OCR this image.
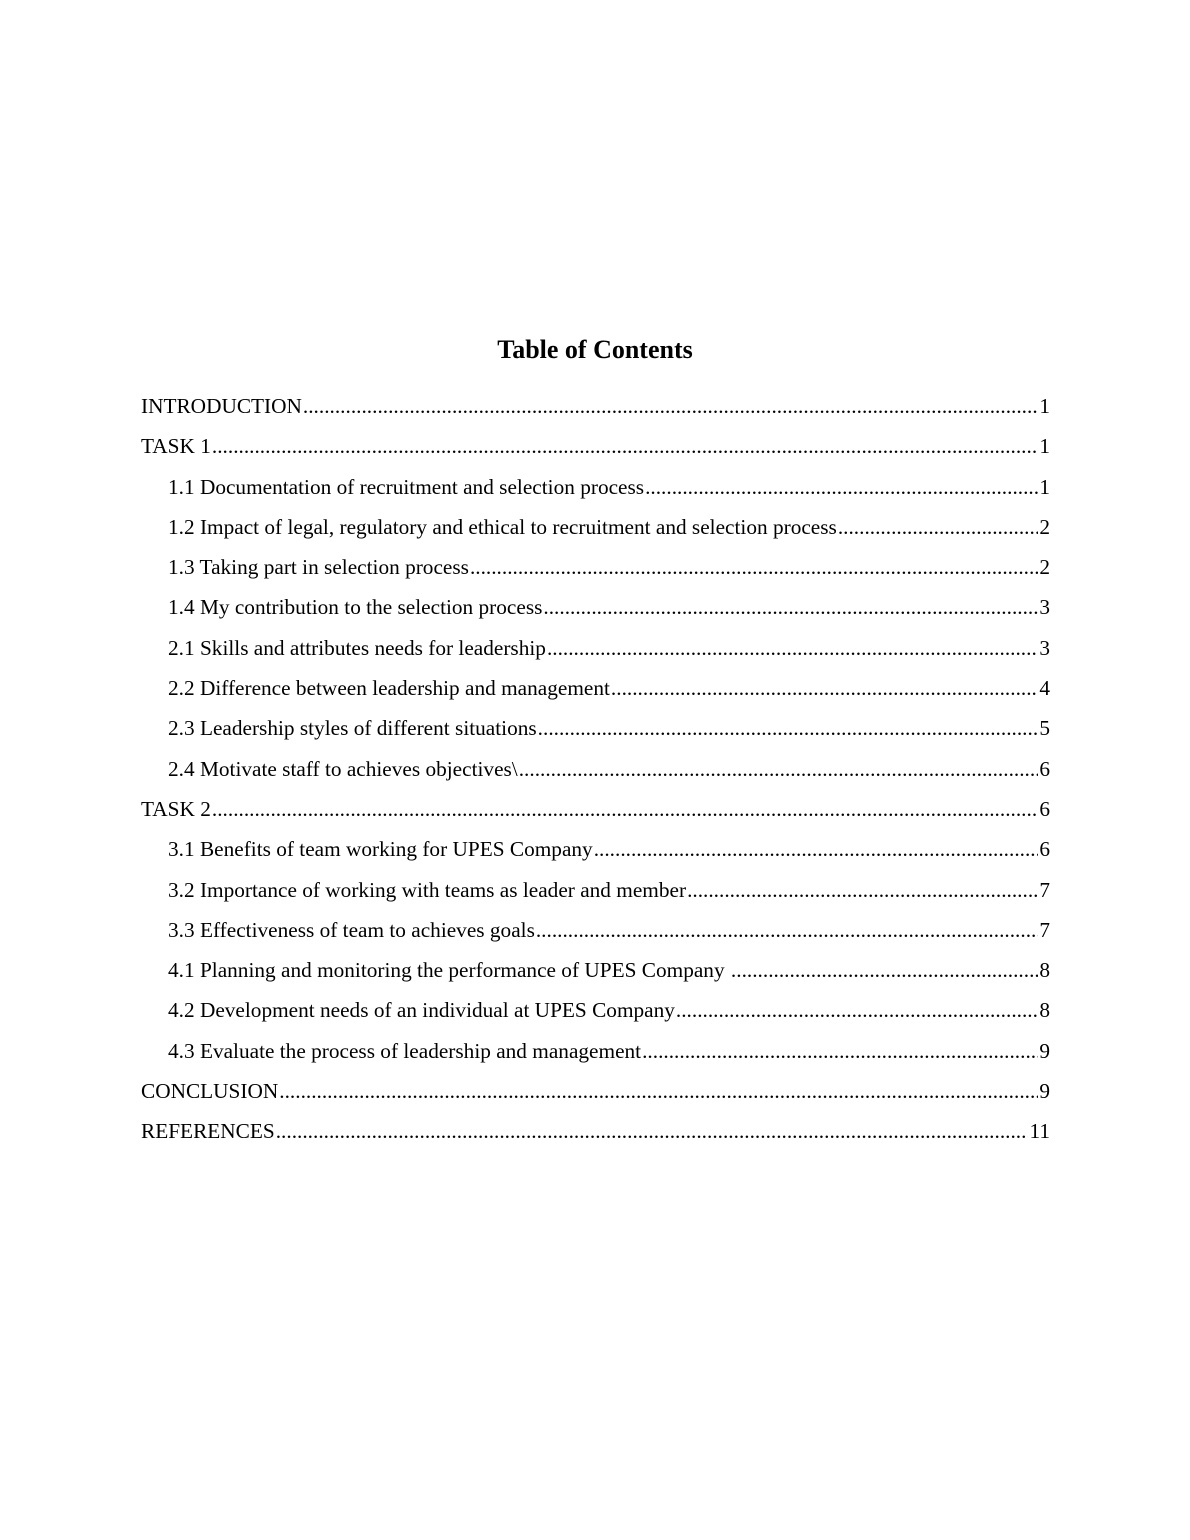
Table of Contents
INTRODUCTION .....	1
TASK 1 .....	1
1.1 Documentation of recruitment and selection process .....	1
1.2 Impact of legal, regulatory and ethical to recruitment and selection process .....	2
1.3 Taking part in selection process .....	2
1.4 My contribution to the selection process .....	3
2.1 Skills and attributes needs for leadership .....	3
2.2 Difference between leadership and management .....	4
2.3 Leadership styles of different situations .....	5
2.4 Motivate staff to achieves objectives\ .....	6
TASK 2 .....	6
3.1 Benefits of team working for UPES Company .....	6
3.2 Importance of working with teams as leader and member .....	7
3.3 Effectiveness of team to achieves goals .....	7
4.1 Planning and monitoring the performance of UPES Company .....	8
4.2 Development needs of an individual at UPES Company .....	8
4.3 Evaluate the process of leadership and management .....	9
CONCLUSION .....	9
REFERENCES .....	11
